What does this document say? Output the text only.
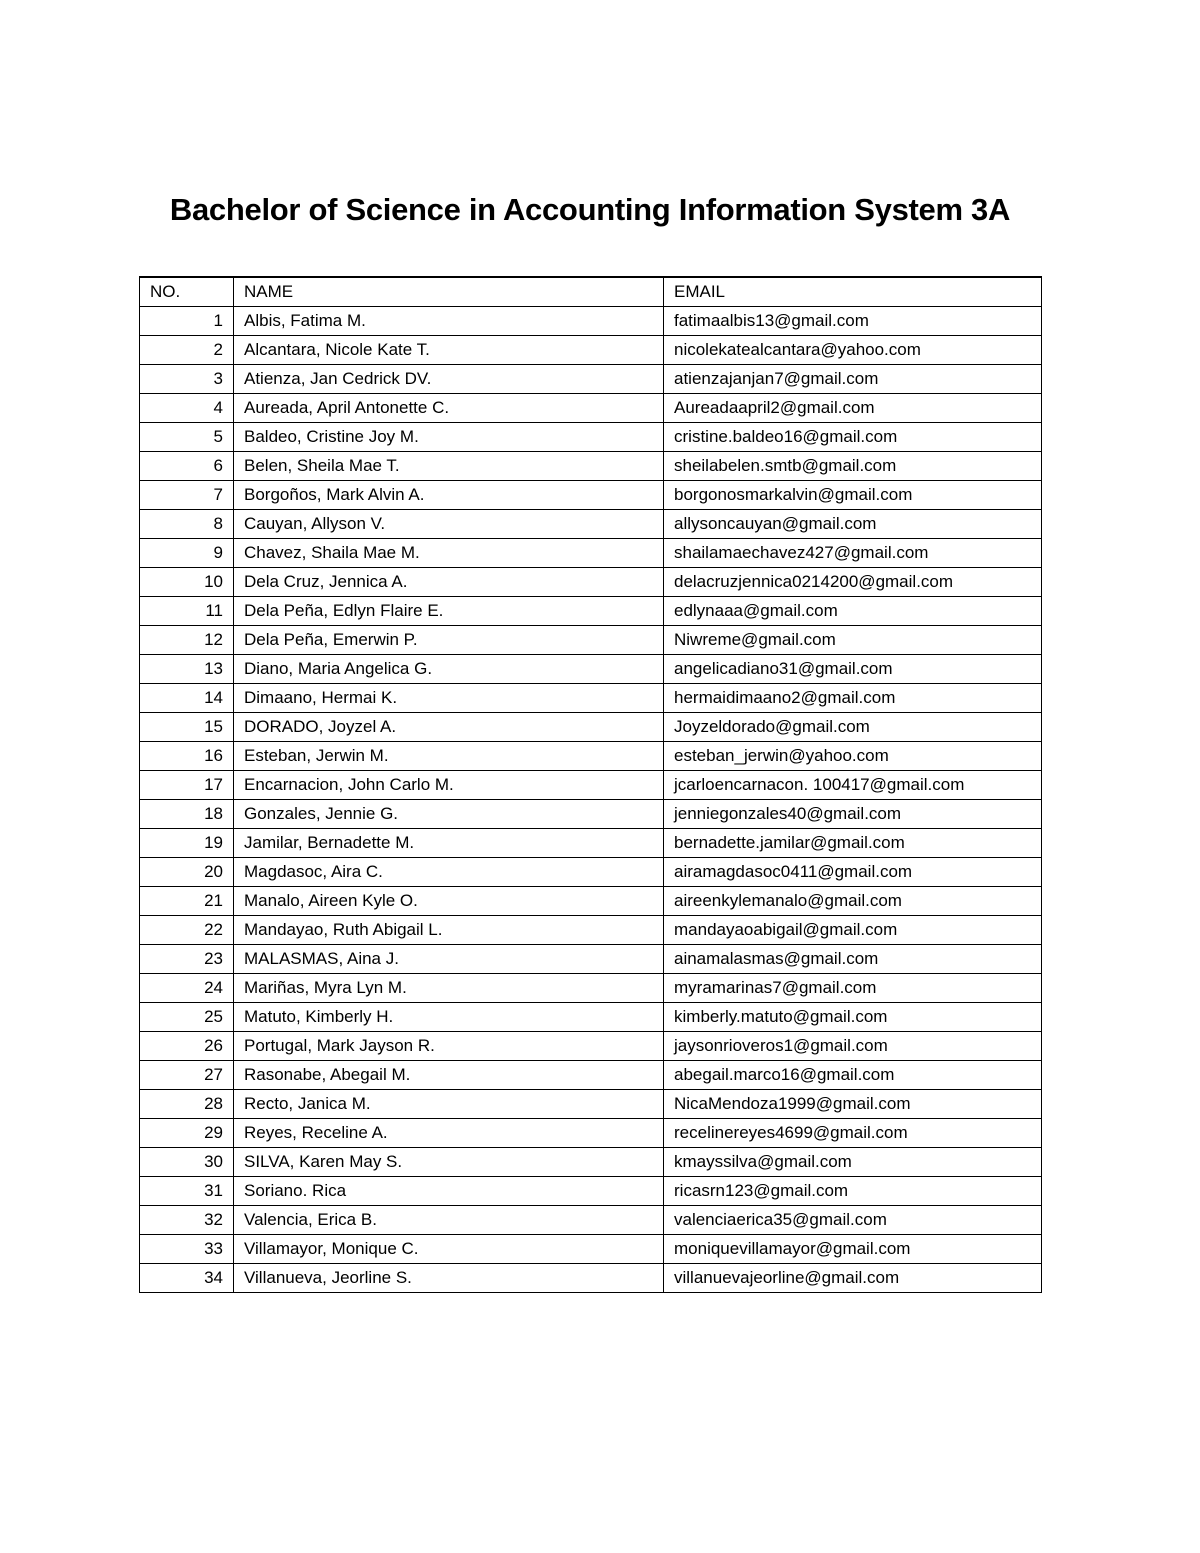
Bachelor of Science in Accounting Information System 3A
NO.	NAME	EMAIL
1	Albis, Fatima M.	fatimaalbis13@gmail.com
2	Alcantara, Nicole Kate T.	nicolekatealcantara@yahoo.com
3	Atienza, Jan Cedrick DV.	atienzajanjan7@gmail.com
4	Aureada, April Antonette C.	Aureadaapril2@gmail.com
5	Baldeo, Cristine Joy M.	cristine.baldeo16@gmail.com
6	Belen, Sheila Mae T.	sheilabelen.smtb@gmail.com
7	Borgoños, Mark Alvin A.	borgonosmarkalvin@gmail.com
8	Cauyan, Allyson V.	allysoncauyan@gmail.com
9	Chavez, Shaila Mae M.	shailamaechavez427@gmail.com
10	Dela Cruz, Jennica A.	delacruzjennica0214200@gmail.com
11	Dela Peña, Edlyn Flaire E.	edlynaaa@gmail.com
12	Dela Peña, Emerwin P.	Niwreme@gmail.com
13	Diano, Maria Angelica G.	angelicadiano31@gmail.com
14	Dimaano, Hermai K.	hermaidimaano2@gmail.com
15	DORADO, Joyzel A.	Joyzeldorado@gmail.com
16	Esteban, Jerwin M.	esteban_jerwin@yahoo.com
17	Encarnacion, John Carlo M.	jcarloencarnacon. 100417@gmail.com
18	Gonzales, Jennie G.	jenniegonzales40@gmail.com
19	Jamilar, Bernadette M.	bernadette.jamilar@gmail.com
20	Magdasoc, Aira C.	airamagdasoc0411@gmail.com
21	Manalo, Aireen Kyle O.	aireenkylemanalo@gmail.com
22	Mandayao, Ruth Abigail L.	mandayaoabigail@gmail.com
23	MALASMAS, Aina J.	ainamalasmas@gmail.com
24	Mariñas, Myra Lyn M.	myramarinas7@gmail.com
25	Matuto, Kimberly H.	kimberly.matuto@gmail.com
26	Portugal, Mark Jayson R.	jaysonrioveros1@gmail.com
27	Rasonabe, Abegail M.	abegail.marco16@gmail.com
28	Recto, Janica M.	NicaMendoza1999@gmail.com
29	Reyes, Receline A.	recelinereyes4699@gmail.com
30	SILVA, Karen May S.	kmayssilva@gmail.com
31	Soriano. Rica	ricasrn123@gmail.com
32	Valencia, Erica B.	valenciaerica35@gmail.com
33	Villamayor, Monique C.	moniquevillamayor@gmail.com
34	Villanueva, Jeorline S.	villanuevajeorline@gmail.com
